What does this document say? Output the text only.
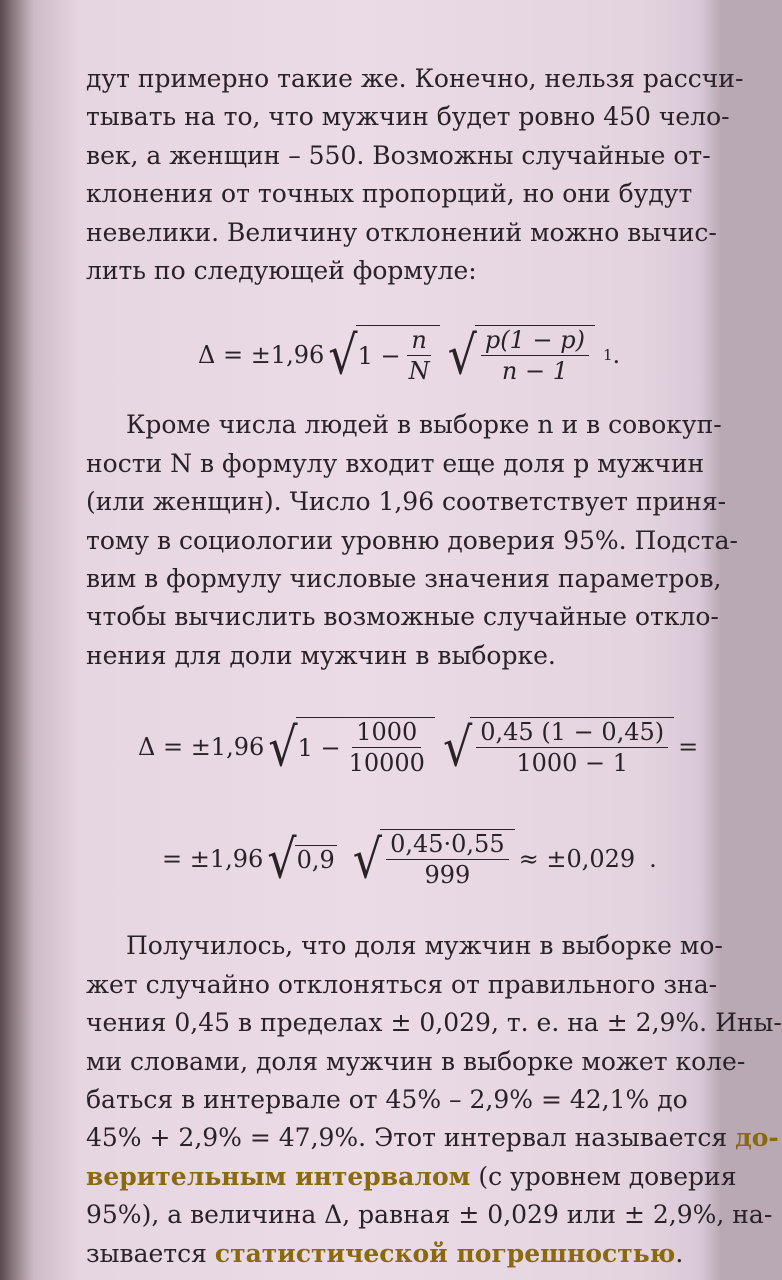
дут примерно такие же. Конечно, нельзя рассчи-
тывать на то, что мужчин будет ровно 450 чело-
век, а женщин – 550. Возможны случайные от-
клонения от точных пропорций, но они будут
невелики. Величину отклонений можно вычис-
лить по следующей формуле:
Δ = ±1,96 √ $1 - \frac{n}{N}$ √ $\frac{p(1 - p)}{n - 1} 1$ .
Кроме числа людей в выборке n и в совокуп-
ности N в формулу входит еще доля p мужчин
(или женщин). Число 1,96 соответствует приня-
тому в социологии уровню доверия 95%. Подста-
вим в формулу числовые значения параметров,
чтобы вычислить возможные случайные откло-
нения для доли мужчин в выборке.
Δ = ±1,96 √ $1 - \frac{1000}{10000}$ √ $\frac{0,45 (1 - 0,45)}{1000 - 1}$ =
= ±1,96 √ 0,9 √ $\frac{0,45\cdot 0,55}{999} \approx \pm 0,029$ .
Получилось, что доля мужчин в выборке мо-
жет случайно отклоняться от правильного зна-
чения 0,45 в пределах ± 0,029, т. е. на ± 2,9%. Ины-
ми словами, доля мужчин в выборке может коле-
баться в интервале от 45% – 2,9% = 42,1% до
45% + 2,9% = 47,9%. Этот интервал называется до-
верительным интервалом (с уровнем доверия
95%), а величина Δ, равная ± 0,029 или ± 2,9%, на-
зывается статистической погрешностью.
